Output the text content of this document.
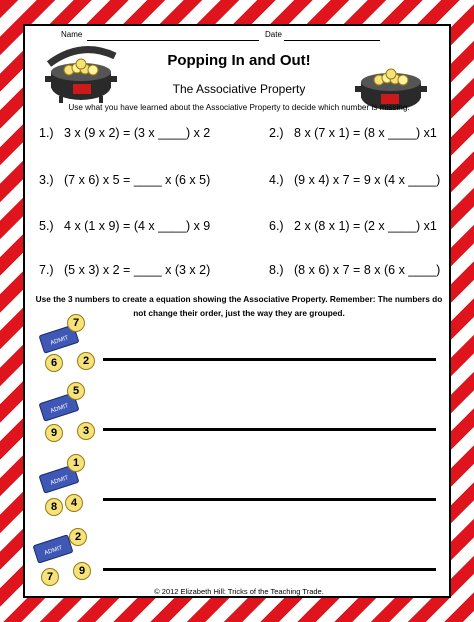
Name	Date
Popping In and Out!
The Associative Property
Use what you have learned about the Associative Property to decide which number is missing.
1.) 3 x (9 x 2) = (3 x ____) x 2	2.) 8 x (7 x 1) = (8 x ____) x1
3.) (7 x 6) x 5 = ____ x (6 x 5)	4.) (9 x 4) x 7 = 9 x (4 x ____)
5.) 4 x (1 x 9) = (4 x ____) x 9	6.) 2 x (8 x 1) = (2 x ____) x1
7.) (5 x 3) x 2 = ____ x (3 x 2)	8.) (8 x 6) x 7 = 8 x (6 x ____)
Use the 3 numbers to create a equation showing the Associative Property. Remember: The numbers do not change their order, just the way they are grouped.
ADMIT
7
6	2
ADMIT
5
9	3
ADMIT
1
8	4
ADMIT
2
7	9
© 2012 Elizabeth Hill: Tricks of the Teaching Trade.
